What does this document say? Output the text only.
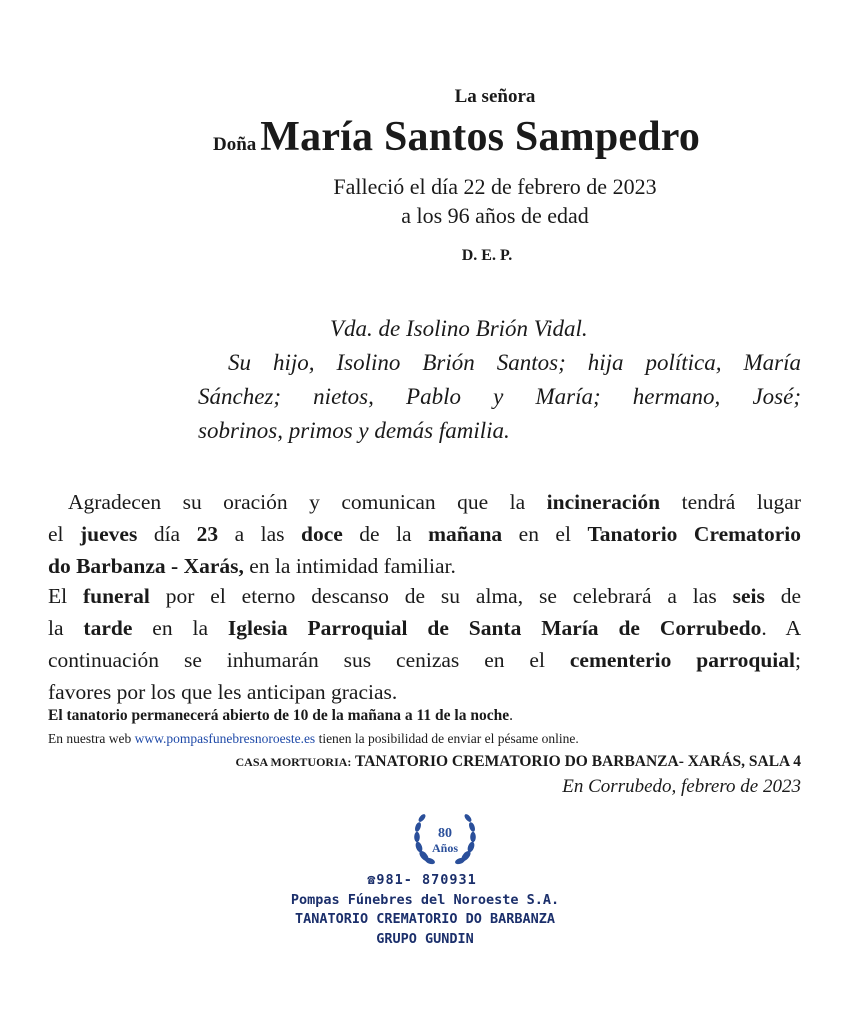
La señora
Doña María Santos Sampedro
Falleció el día 22 de febrero de 2023
a los 96 años de edad
D. E. P.
Vda. de Isolino Brión Vidal.
Su hijo, Isolino Brión Santos; hija política, María
Sánchez; nietos, Pablo y María; hermano, José;
sobrinos, primos y demás familia.
Agradecen su oración y comunican que la incineración tendrá lugar
el jueves día 23 a las doce de la mañana en el Tanatorio Crematorio
do Barbanza - Xarás, en la intimidad familiar.
El funeral por el eterno descanso de su alma, se celebrará a las seis de
la tarde en la Iglesia Parroquial de Santa María de Corrubedo. A
continuación se inhumarán sus cenizas en el cementerio parroquial;
favores por los que les anticipan gracias.
El tanatorio permanecerá abierto de 10 de la mañana a 11 de la noche.
En nuestra web www.pompasfunebresnoroeste.es tienen la posibilidad de enviar el pésame online.
CASA MORTUORIA: TANATORIO CREMATORIO DO BARBANZA- XARÁS, SALA 4
En Corrubedo, febrero de 2023
80
Años
☎981- 870931
Pompas Fúnebres del Noroeste S.A.
TANATORIO CREMATORIO DO BARBANZA
GRUPO GUNDIN
